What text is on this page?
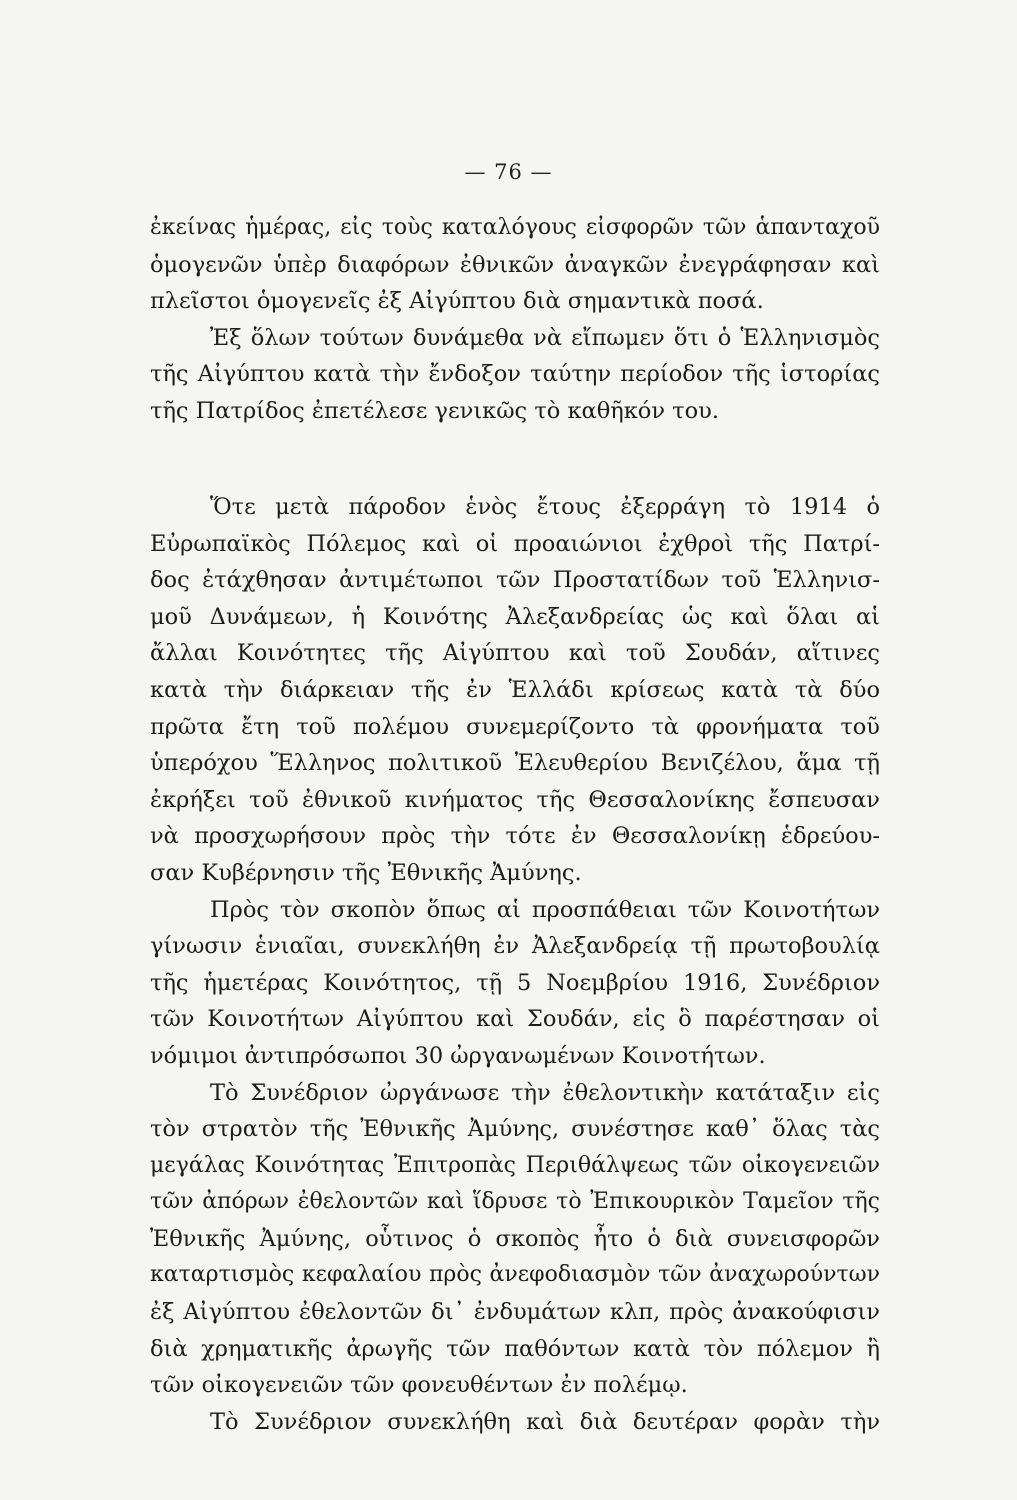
— 76 —
ἐκείνας ἡμέρας, εἰς τοὺς καταλόγους εἰσφορῶν τῶν ἁπανταχοῦ
ὁμογενῶν ὑπὲρ διαφόρων ἐθνικῶν ἀναγκῶν ἐνεγράφησαν καὶ
πλεῖστοι ὁμογενεῖς ἐξ Αἰγύπτου διὰ σημαντικὰ ποσά.
Ἐξ ὅλων τούτων δυνάμεθα νὰ εἴπωμεν ὅτι ὁ Ἑλληνισμὸς
τῆς Αἰγύπτου κατὰ τὴν ἔνδοξον ταύτην περίοδον τῆς ἱστορίας
τῆς Πατρίδος ἐπετέλεσε γενικῶς τὸ καθῆκόν του.
Ὅτε μετὰ πάροδον ἑνὸς ἔτους ἐξερράγη τὸ 1914 ὁ
Εὐρωπαϊκὸς Πόλεμος καὶ οἱ προαιώνιοι ἐχθροὶ τῆς Πατρί-
δος ἐτάχθησαν ἀντιμέτωποι τῶν Προστατίδων τοῦ Ἑλληνισ-
μοῦ Δυνάμεων, ἡ Κοινότης Ἀλεξανδρείας ὡς καὶ ὅλαι αἱ
ἄλλαι Κοινότητες τῆς Αἰγύπτου καὶ τοῦ Σουδάν, αἵτινες
κατὰ τὴν διάρκειαν τῆς ἐν Ἑλλάδι κρίσεως κατὰ τὰ δύο
πρῶτα ἔτη τοῦ πολέμου συνεμερίζοντο τὰ φρονήματα τοῦ
ὑπερόχου Ἕλληνος πολιτικοῦ Ἐλευθερίου Βενιζέλου, ἅμα τῇ
ἐκρήξει τοῦ ἐθνικοῦ κινήματος τῆς Θεσσαλονίκης ἔσπευσαν
νὰ προσχωρήσουν πρὸς τὴν τότε ἐν Θεσσαλονίκῃ ἑδρεύου-
σαν Κυβέρνησιν τῆς Ἐθνικῆς Ἀμύνης.
Πρὸς τὸν σκοπὸν ὅπως αἱ προσπάθειαι τῶν Κοινοτήτων
γίνωσιν ἑνιαῖαι, συνεκλήθη ἐν Ἀλεξανδρείᾳ τῇ πρωτοβουλίᾳ
τῆς ἡμετέρας Κοινότητος, τῇ 5 Νοεμβρίου 1916, Συνέδριον
τῶν Κοινοτήτων Αἰγύπτου καὶ Σουδάν, εἰς ὃ παρέστησαν οἱ
νόμιμοι ἀντιπρόσωποι 30 ὠργανωμένων Κοινοτήτων.
Τὸ Συνέδριον ὠργάνωσε τὴν ἐθελοντικὴν κατάταξιν εἰς
τὸν στρατὸν τῆς Ἐθνικῆς Ἀμύνης, συνέστησε καθ᾽ ὅλας τὰς
μεγάλας Κοινότητας Ἐπιτροπὰς Περιθάλψεως τῶν οἰκογενειῶν
τῶν ἀπόρων ἐθελοντῶν καὶ ἵδρυσε τὸ Ἐπικουρικὸν Ταμεῖον τῆς
Ἐθνικῆς Ἀμύνης, οὗτινος ὁ σκοπὸς ἦτο ὁ διὰ συνεισφορῶν
καταρτισμὸς κεφαλαίου πρὸς ἀνεφοδιασμὸν τῶν ἀναχωρούντων
ἐξ Αἰγύπτου ἐθελοντῶν δι᾽ ἐνδυμάτων κλπ, πρὸς ἀνακούφισιν
διὰ χρηματικῆς ἀρωγῆς τῶν παθόντων κατὰ τὸν πόλεμον ἢ
τῶν οἰκογενειῶν τῶν φονευθέντων ἐν πολέμῳ.
Τὸ Συνέδριον συνεκλήθη καὶ διὰ δευτέραν φορὰν τὴν
